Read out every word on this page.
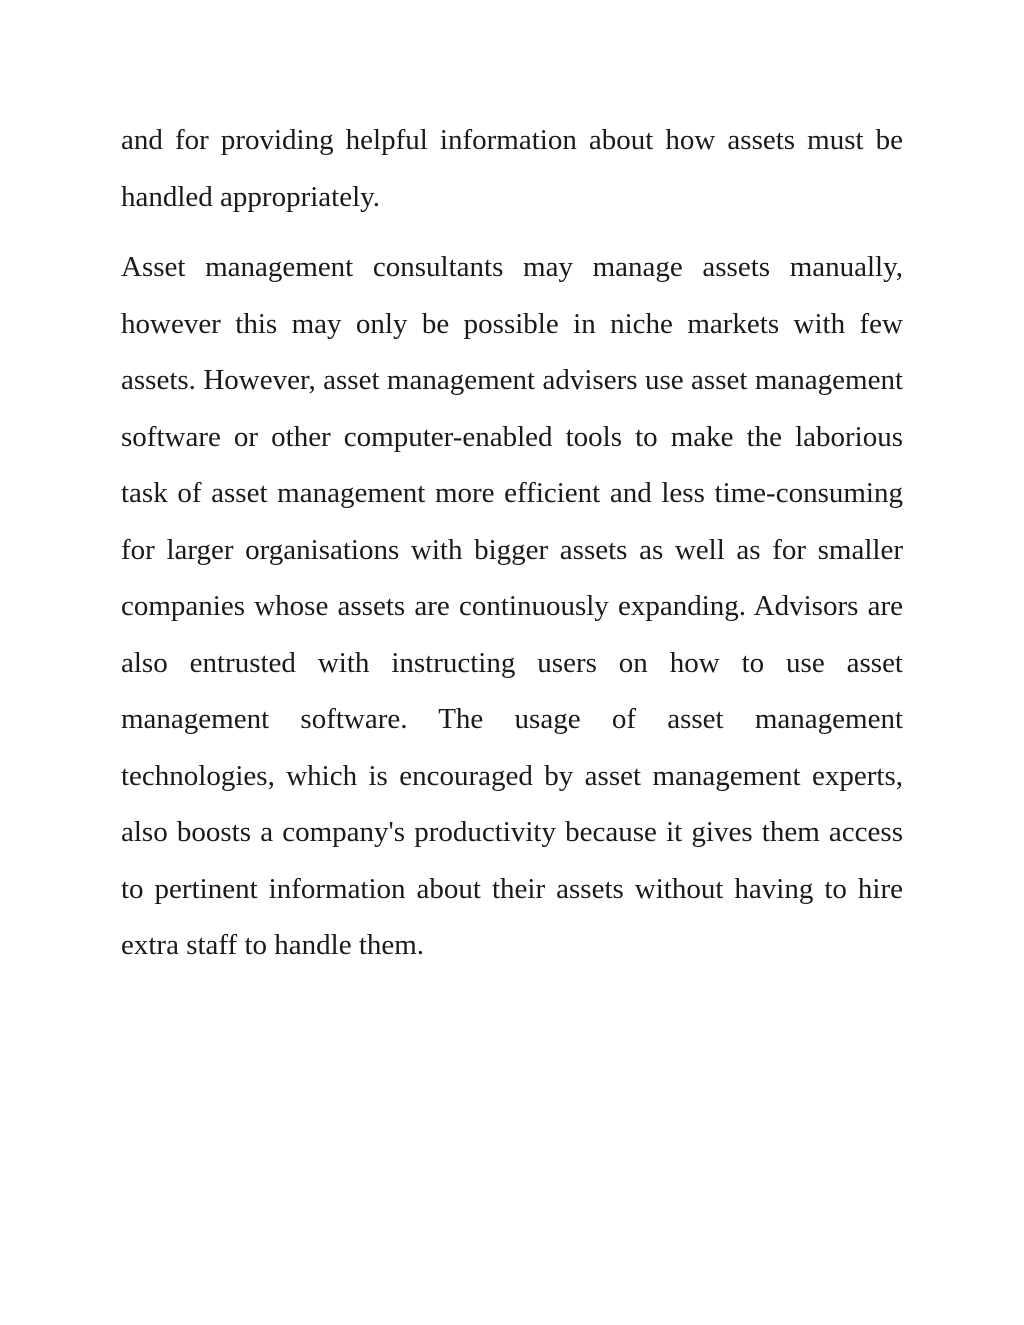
and for providing helpful information about how assets must be handled appropriately.

Asset management consultants may manage assets manually, however this may only be possible in niche markets with few assets. However, asset management advisers use asset management software or other computer-enabled tools to make the laborious task of asset management more efficient and less time-consuming for larger organisations with bigger assets as well as for smaller companies whose assets are continuously expanding. Advisors are also entrusted with instructing users on how to use asset management software. The usage of asset management technologies, which is encouraged by asset management experts, also boosts a company's productivity because it gives them access to pertinent information about their assets without having to hire extra staff to handle them.
